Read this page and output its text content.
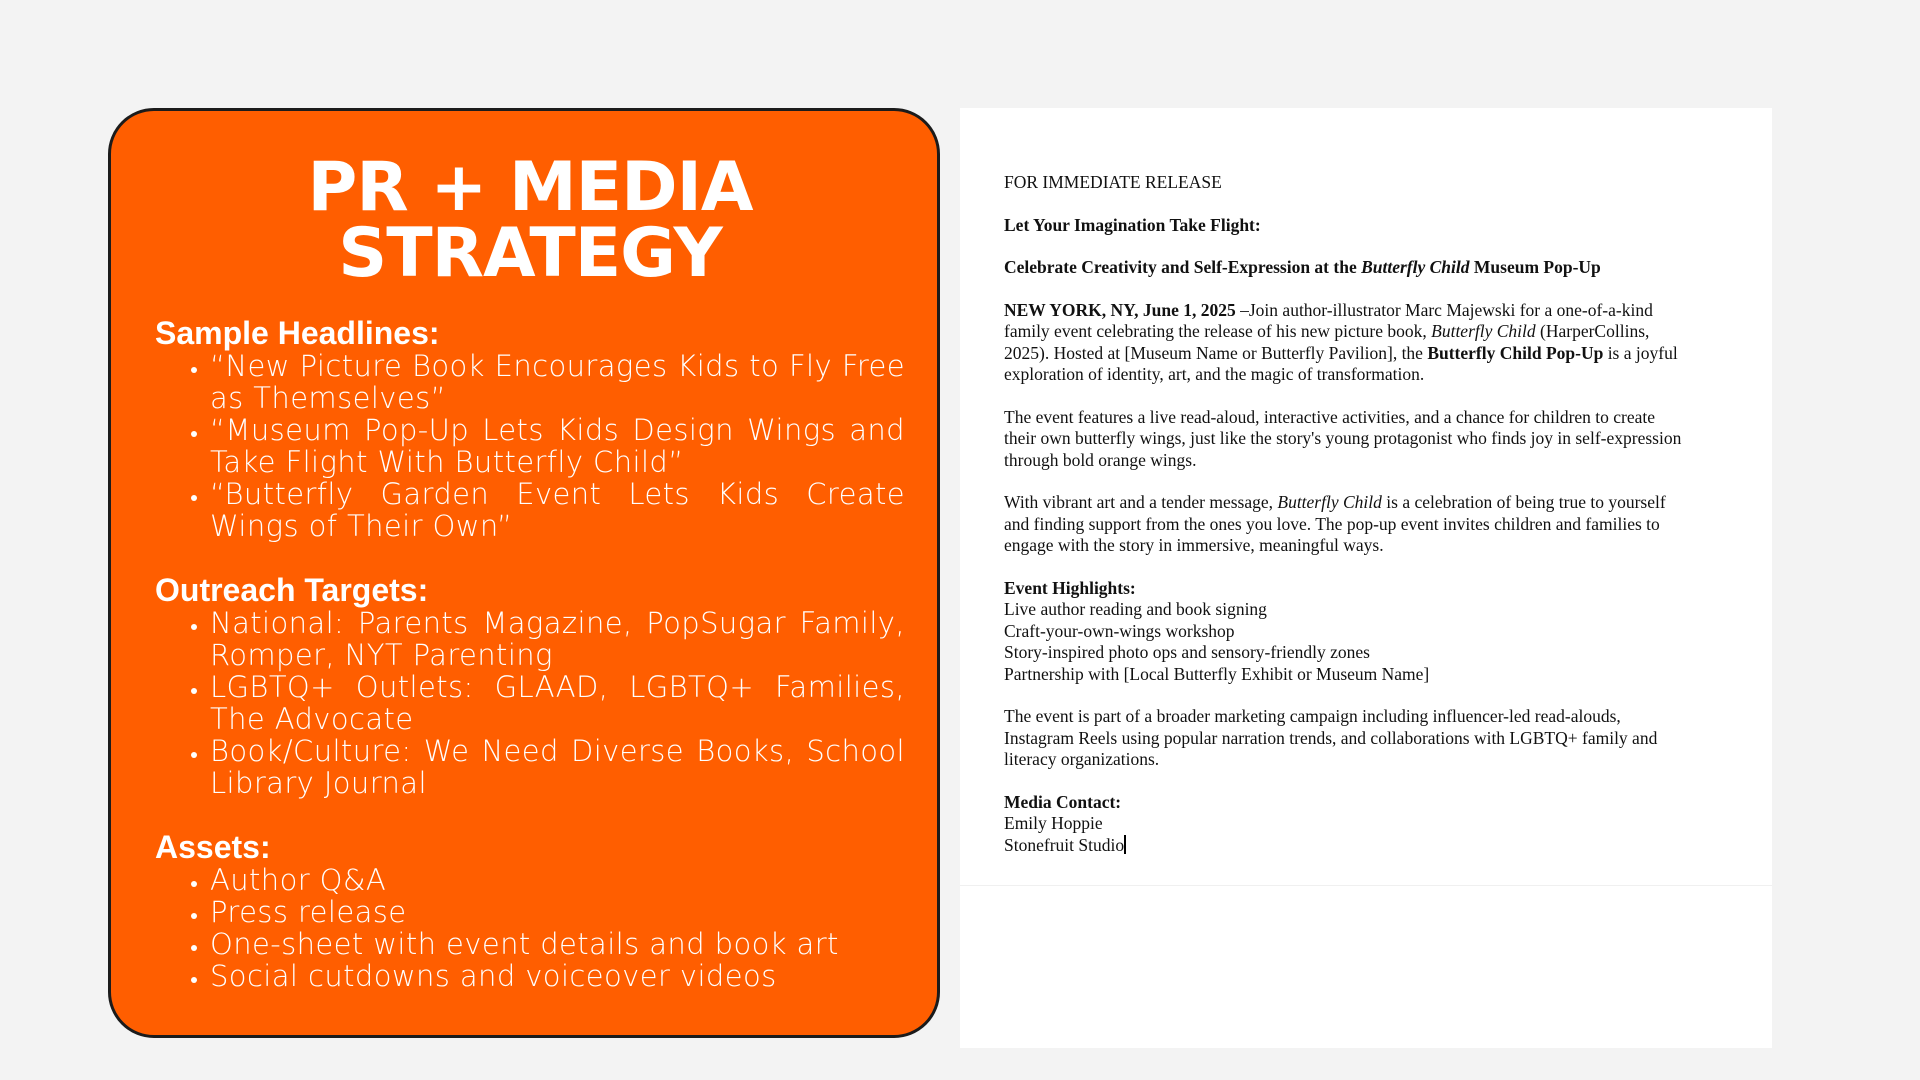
PR + MEDIA
STRATEGY
Sample Headlines:
• “New Picture Book Encourages Kids to Fly Free as Themselves”
• “Museum Pop-Up Lets Kids Design Wings and Take Flight With Butterfly Child”
• “Butterfly Garden Event Lets Kids Create Wings of Their Own”
Outreach Targets:
• National: Parents Magazine, PopSugar Family, Romper, NYT Parenting
• LGBTQ+ Outlets: GLAAD, LGBTQ+ Families, The Advocate
• Book/Culture: We Need Diverse Books, School Library Journal
Assets:
• Author Q&A
• Press release
• One-sheet with event details and book art
• Social cutdowns and voiceover videos

FOR IMMEDIATE RELEASE

Let Your Imagination Take Flight:

Celebrate Creativity and Self-Expression at the Butterfly Child Museum Pop-Up

NEW YORK, NY, June 1, 2025 –Join author-illustrator Marc Majewski for a one-of-a-kind
family event celebrating the release of his new picture book, Butterfly Child (HarperCollins,
2025). Hosted at [Museum Name or Butterfly Pavilion], the Butterfly Child Pop-Up is a joyful
exploration of identity, art, and the magic of transformation.

The event features a live read-aloud, interactive activities, and a chance for children to create
their own butterfly wings, just like the story's young protagonist who finds joy in self-expression
through bold orange wings.

With vibrant art and a tender message, Butterfly Child is a celebration of being true to yourself
and finding support from the ones you love. The pop-up event invites children and families to
engage with the story in immersive, meaningful ways.

Event Highlights:
Live author reading and book signing
Craft-your-own-wings workshop
Story-inspired photo ops and sensory-friendly zones
Partnership with [Local Butterfly Exhibit or Museum Name]

The event is part of a broader marketing campaign including influencer-led read-alouds,
Instagram Reels using popular narration trends, and collaborations with LGBTQ+ family and
literacy organizations.

Media Contact:
Emily Hoppie
Stonefruit Studio
